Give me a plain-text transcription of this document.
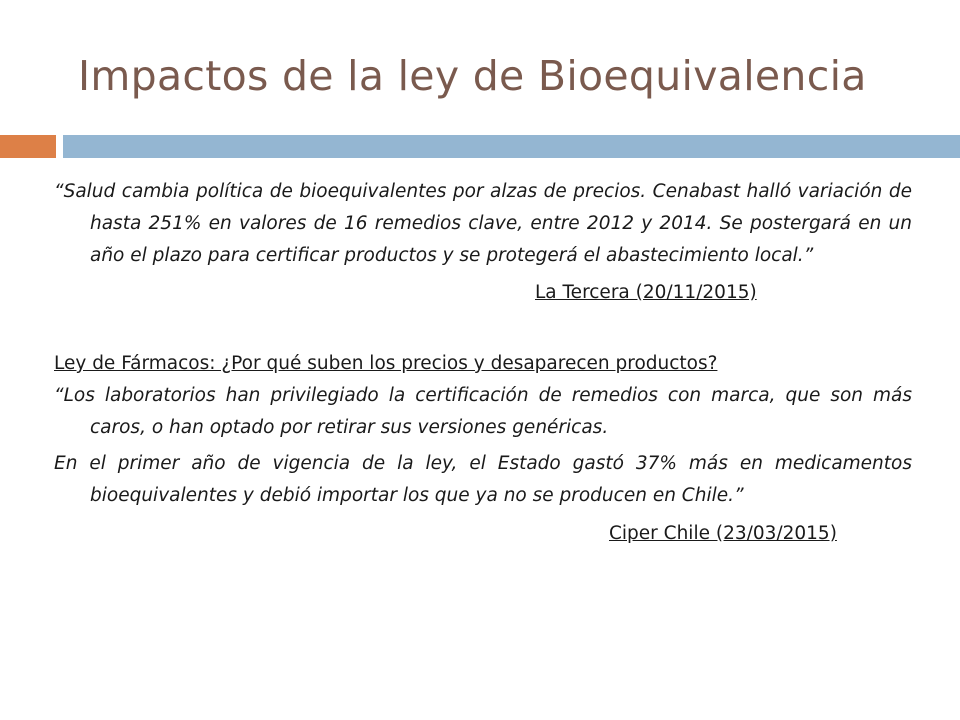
Impactos de la ley de Bioequivalencia

“Salud cambia política de bioequivalentes por alzas de precios. Cenabast halló variación de hasta 251% en valores de 16 remedios clave, entre 2012 y 2014. Se postergará en un año el plazo para certificar productos y se protegerá el abastecimiento local.”

La Tercera (20/11/2015)

Ley de Fármacos: ¿Por qué suben los precios y desaparecen productos?

“Los laboratorios han privilegiado la certificación de remedios con marca, que son más caros, o han optado por retirar sus versiones genéricas.

En el primer año de vigencia de la ley, el Estado gastó 37% más en medicamentos bioequivalentes y debió importar los que ya no se producen en Chile.”

Ciper Chile (23/03/2015)
